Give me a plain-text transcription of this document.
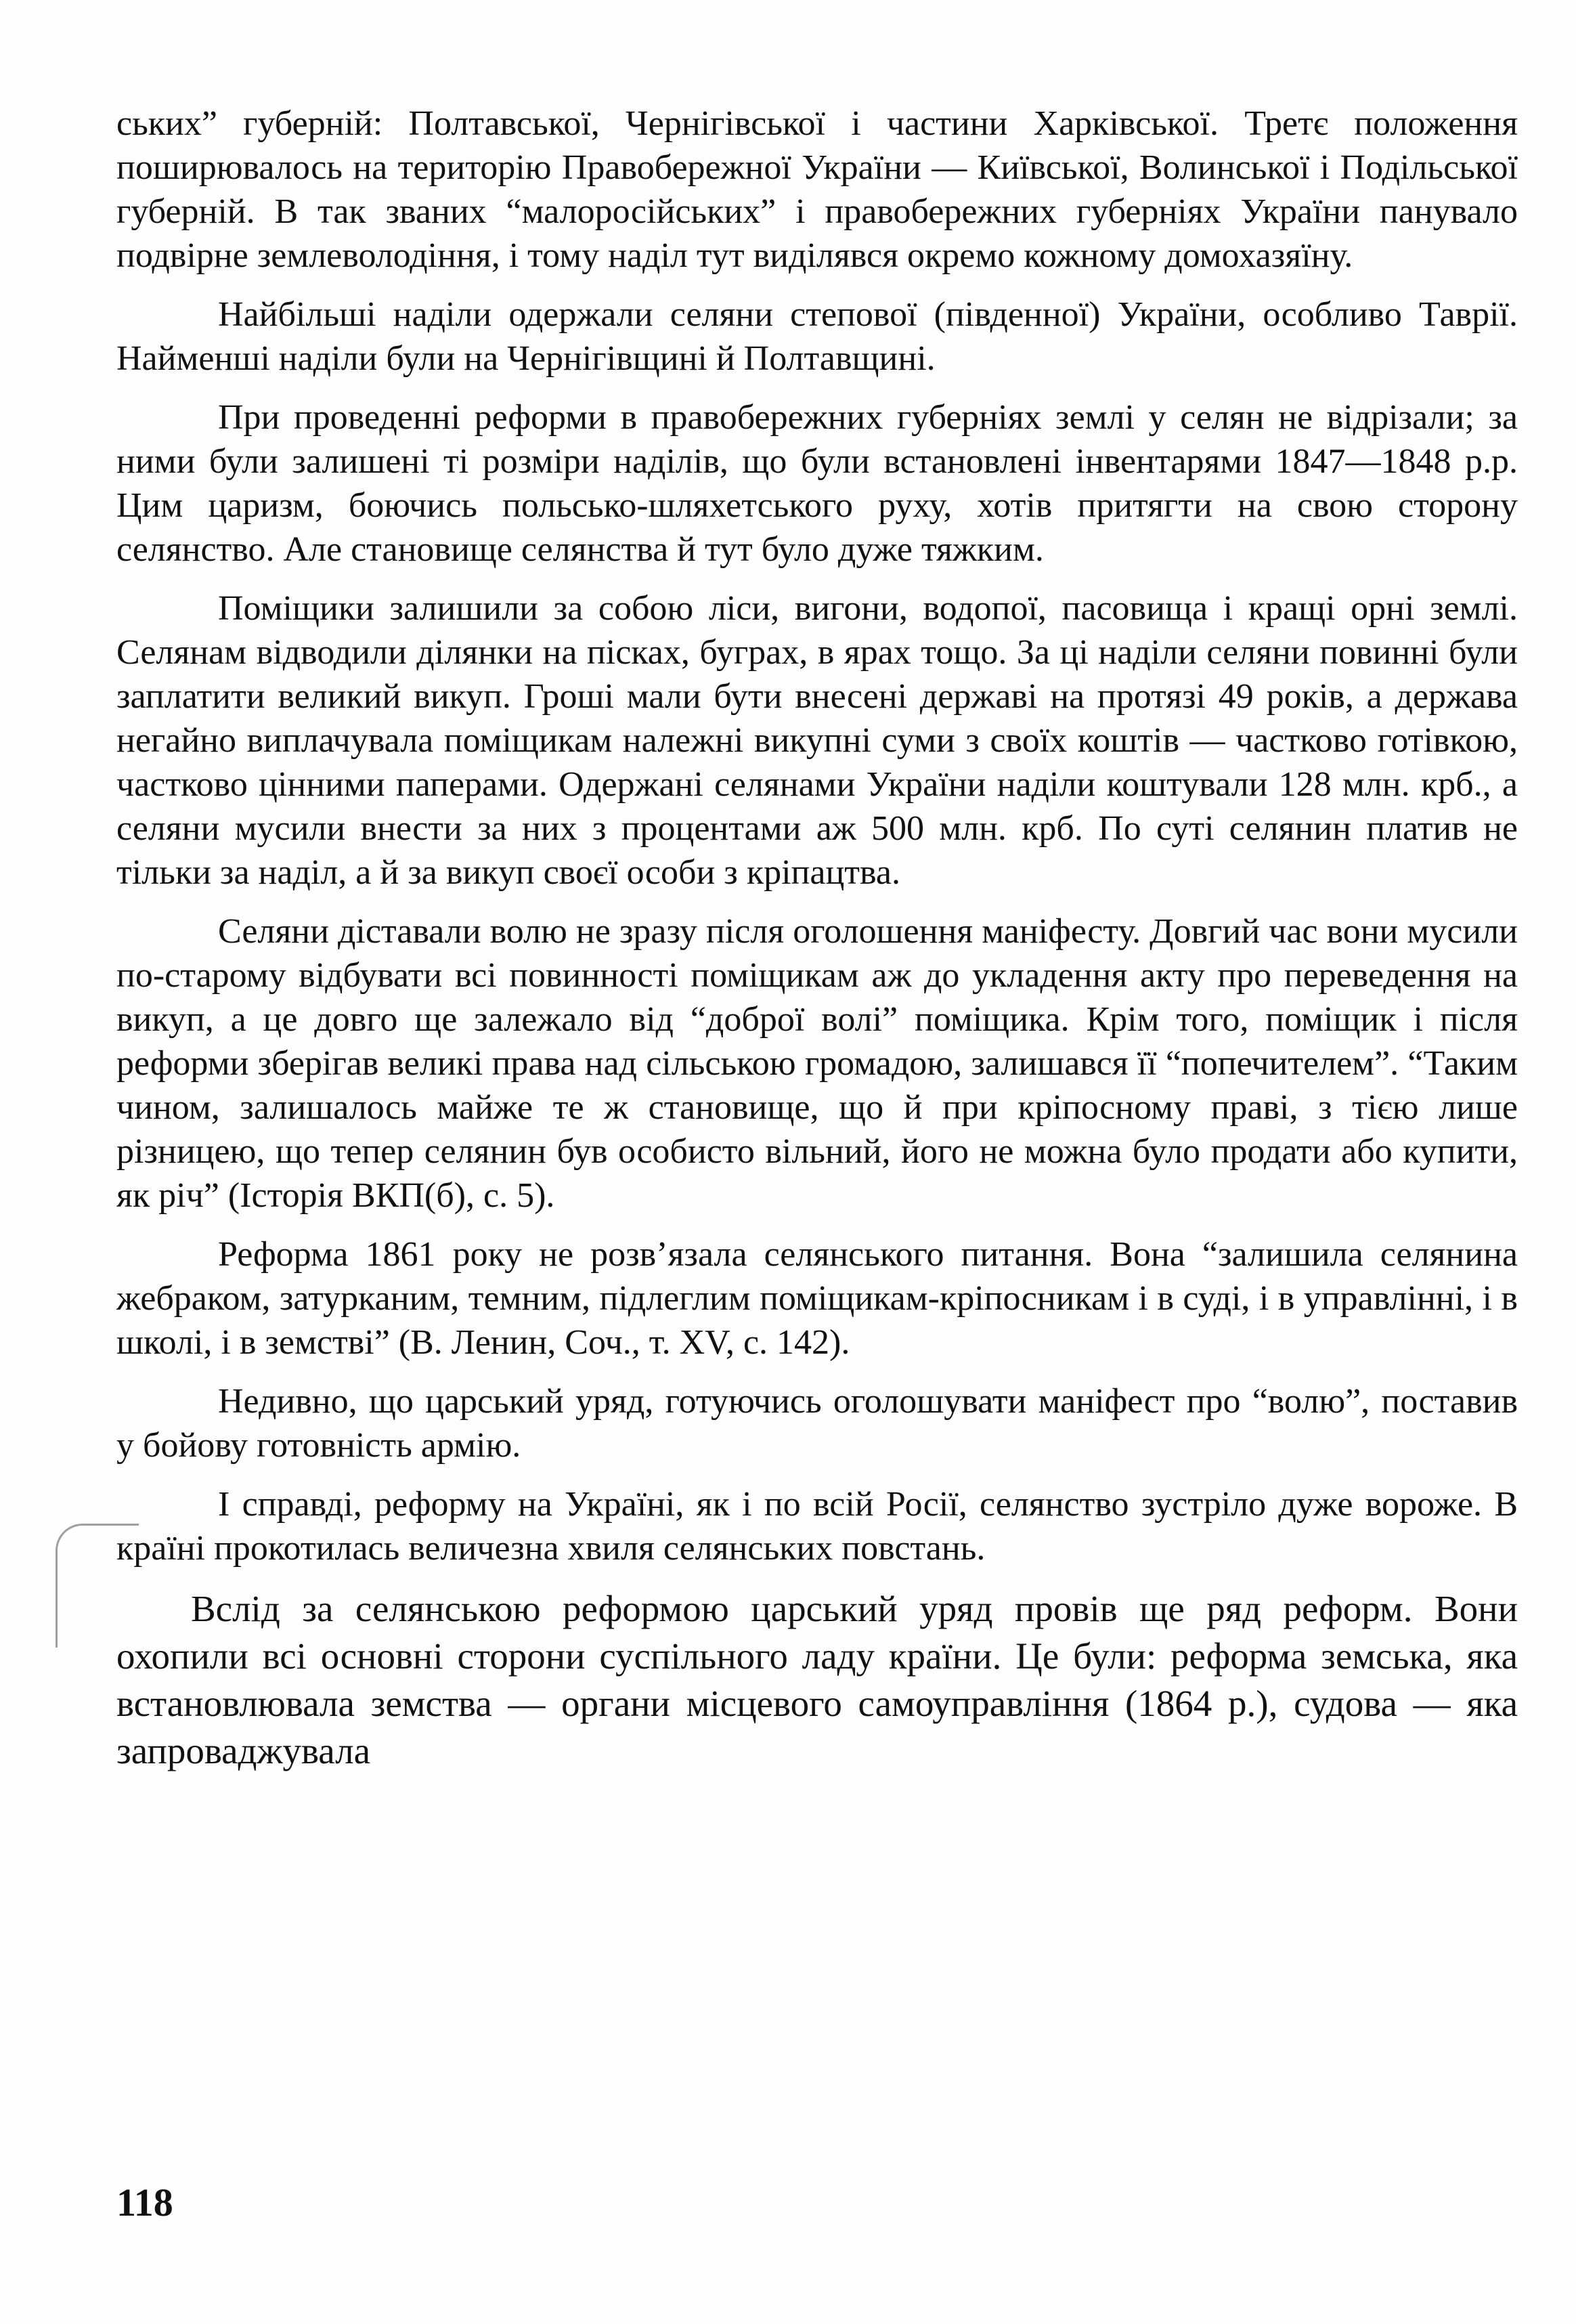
ських” губерній: Полтавської, Чернігівської і частини Харківської. Третє положення поширювалось на територію Правобережної України — Київської, Волинської і Подільської губерній. В так званих “малоросійських” і правобережних губерніях України панувало подвірне землеволодіння, і тому наділ тут виділявся окремо кожному домохазяїну.

Найбільші наділи одержали селяни степової (південної) України, особливо Таврії. Найменші наділи були на Чернігівщині й Полтавщині.

При проведенні реформи в правобережних губерніях землі у селян не відрізали; за ними були залишені ті розміри наділів, що були встановлені інвентарями 1847—1848 р.р. Цим царизм, боючись польсько-шляхетського руху, хотів притягти на свою сторону селянство. Але становище селянства й тут було дуже тяжким.

Поміщики залишили за собою ліси, вигони, водопої, пасовища і кращі орні землі. Селянам відводили ділянки на пісках, буграх, в ярах тощо. За ці наділи селяни повинні були заплатити великий викуп. Гроші мали бути внесені державі на протязі 49 років, а держава негайно виплачувала поміщикам належні викупні суми з своїх коштів — частково готівкою, частково цінними паперами. Одержані селянами України наділи коштували 128 млн. крб., а селяни мусили внести за них з процентами аж 500 млн. крб. По суті селянин платив не тільки за наділ, а й за викуп своєї особи з кріпацтва.

Селяни діставали волю не зразу після оголошення маніфесту. Довгий час вони мусили по-старому відбувати всі повинності поміщикам аж до укладення акту про переведення на викуп, а це довго ще залежало від “доброї волі” поміщика. Крім того, поміщик і після реформи зберігав великі права над сільською громадою, залишався її “попечителем”. “Таким чином, залишалось майже те ж становище, що й при кріпосному праві, з тією лише різницею, що тепер селянин був особисто вільний, його не можна було продати або купити, як річ” (Історія ВКП(б), с. 5).

Реформа 1861 року не розв’язала селянського питання. Вона “залишила селянина жебраком, затурканим, темним, підлеглим поміщикам-кріпосникам і в суді, і в управлінні, і в школі, і в земстві” (В. Ленин, Соч., т. XV, с. 142).

Недивно, що царський уряд, готуючись оголошувати маніфест про “волю”, поставив у бойову готовність армію.

І справді, реформу на Україні, як і по всій Росії, селянство зустріло дуже вороже. В країні прокотилась величезна хвиля селянських повстань.

Вслід за селянською реформою царський уряд провів ще ряд реформ. Вони охопили всі основні сторони суспільного ладу країни. Це були: реформа земська, яка встановлювала земства — органи місцевого самоуправління (1864 р.), судова — яка запроваджувала

118
